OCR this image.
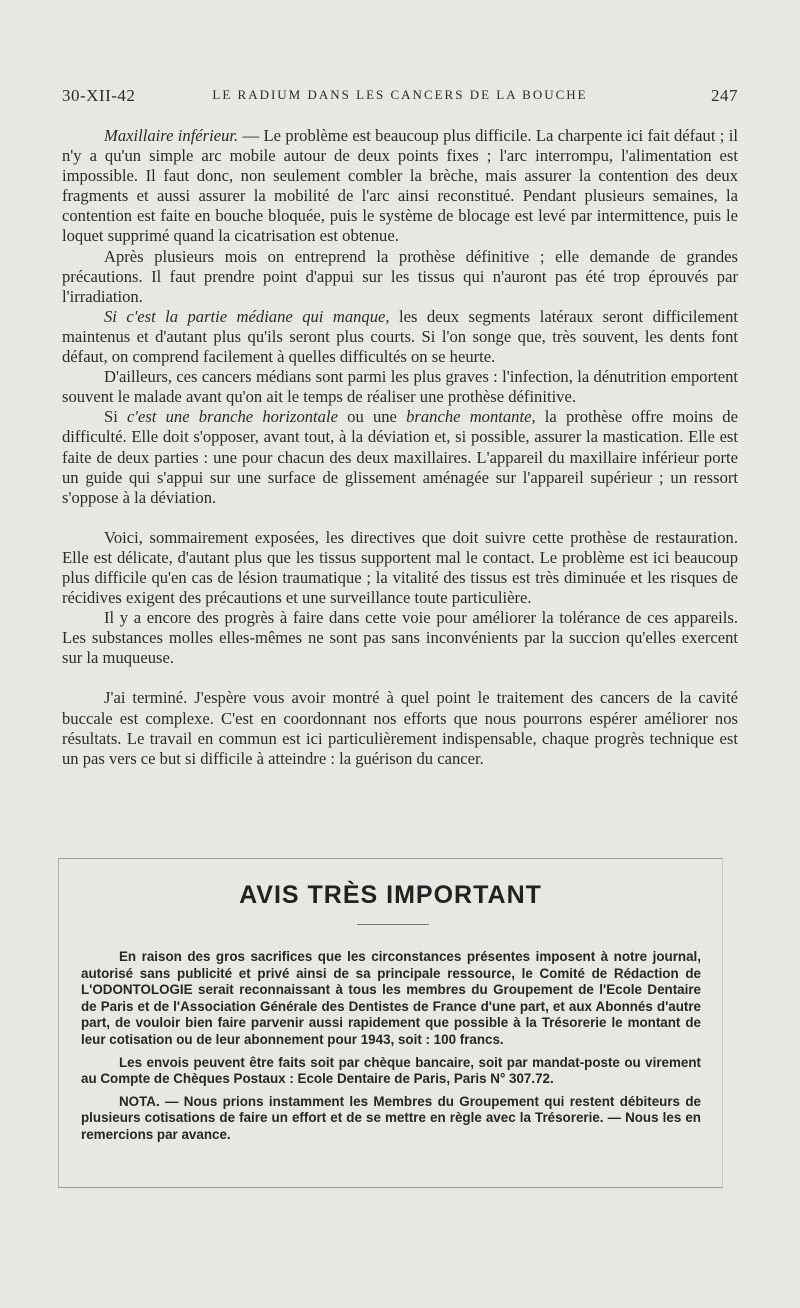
30-XII-42	LE RADIUM DANS LES CANCERS DE LA BOUCHE	247

Maxillaire inférieur. — Le problème est beaucoup plus difficile. La charpente ici fait défaut ; il n'y a qu'un simple arc mobile autour de deux points fixes ; l'arc interrompu, l'alimentation est impossible. Il faut donc, non seulement combler la brèche, mais assurer la contention des deux fragments et aussi assurer la mobilité de l'arc ainsi reconstitué. Pendant plusieurs semaines, la contention est faite en bouche bloquée, puis le système de blocage est levé par intermittence, puis le loquet supprimé quand la cicatrisation est obtenue.

Après plusieurs mois on entreprend la prothèse définitive ; elle demande de grandes précautions. Il faut prendre point d'appui sur les tissus qui n'auront pas été trop éprouvés par l'irradiation.

Si c'est la partie médiane qui manque, les deux segments latéraux seront difficilement maintenus et d'autant plus qu'ils seront plus courts. Si l'on songe que, très souvent, les dents font défaut, on comprend facilement à quelles difficultés on se heurte.

D'ailleurs, ces cancers médians sont parmi les plus graves : l'infection, la dénutrition emportent souvent le malade avant qu'on ait le temps de réaliser une prothèse définitive.

Si c'est une branche horizontale ou une branche montante, la prothèse offre moins de difficulté. Elle doit s'opposer, avant tout, à la déviation et, si possible, assurer la mastication. Elle est faite de deux parties : une pour chacun des deux maxillaires. L'appareil du maxillaire inférieur porte un guide qui s'appui sur une surface de glissement aménagée sur l'appareil supérieur ; un ressort s'oppose à la déviation.

Voici, sommairement exposées, les directives que doit suivre cette prothèse de restauration. Elle est délicate, d'autant plus que les tissus supportent mal le contact. Le problème est ici beaucoup plus difficile qu'en cas de lésion traumatique ; la vitalité des tissus est très diminuée et les risques de récidives exigent des précautions et une surveillance toute particulière.

Il y a encore des progrès à faire dans cette voie pour améliorer la tolérance de ces appareils. Les substances molles elles-mêmes ne sont pas sans inconvénients par la succion qu'elles exercent sur la muqueuse.

J'ai terminé. J'espère vous avoir montré à quel point le traitement des cancers de la cavité buccale est complexe. C'est en coordonnant nos efforts que nous pourrons espérer améliorer nos résultats. Le travail en commun est ici particulièrement indispensable, chaque progrès technique est un pas vers ce but si difficile à atteindre : la guérison du cancer.

AVIS TRÈS IMPORTANT

En raison des gros sacrifices que les circonstances présentes imposent à notre journal, autorisé sans publicité et privé ainsi de sa principale ressource, le Comité de Rédaction de L'ODONTOLOGIE serait reconnaissant à tous les membres du Groupement de l'Ecole Dentaire de Paris et de l'Association Générale des Dentistes de France d'une part, et aux Abonnés d'autre part, de vouloir bien faire parvenir aussi rapidement que possible à la Trésorerie le montant de leur cotisation ou de leur abonnement pour 1943, soit : 100 francs.

Les envois peuvent être faits soit par chèque bancaire, soit par mandat-poste ou virement au Compte de Chèques Postaux : Ecole Dentaire de Paris, Paris N° 307.72.

NOTA. — Nous prions instamment les Membres du Groupement qui restent débiteurs de plusieurs cotisations de faire un effort et de se mettre en règle avec la Trésorerie. — Nous les en remercions par avance.
